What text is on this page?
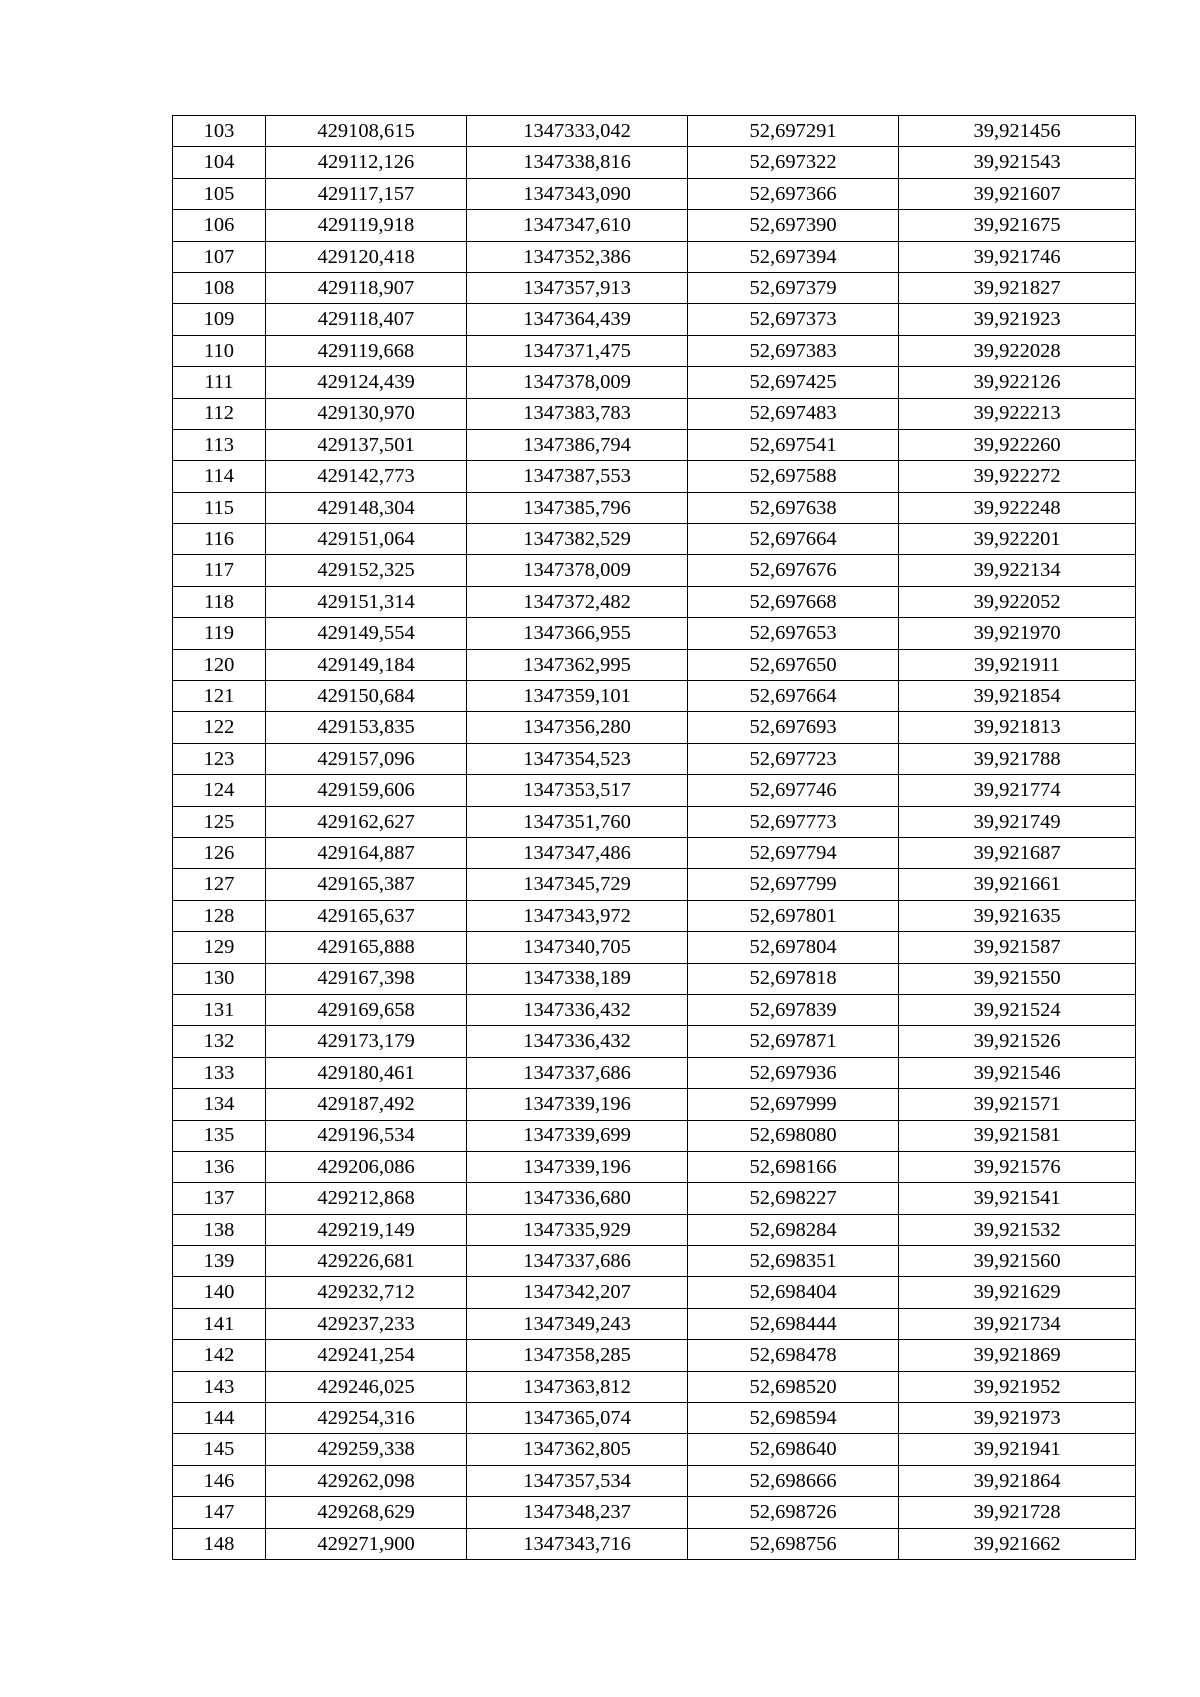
103	429108,615	1347333,042	52,697291	39,921456
104	429112,126	1347338,816	52,697322	39,921543
105	429117,157	1347343,090	52,697366	39,921607
106	429119,918	1347347,610	52,697390	39,921675
107	429120,418	1347352,386	52,697394	39,921746
108	429118,907	1347357,913	52,697379	39,921827
109	429118,407	1347364,439	52,697373	39,921923
110	429119,668	1347371,475	52,697383	39,922028
111	429124,439	1347378,009	52,697425	39,922126
112	429130,970	1347383,783	52,697483	39,922213
113	429137,501	1347386,794	52,697541	39,922260
114	429142,773	1347387,553	52,697588	39,922272
115	429148,304	1347385,796	52,697638	39,922248
116	429151,064	1347382,529	52,697664	39,922201
117	429152,325	1347378,009	52,697676	39,922134
118	429151,314	1347372,482	52,697668	39,922052
119	429149,554	1347366,955	52,697653	39,921970
120	429149,184	1347362,995	52,697650	39,921911
121	429150,684	1347359,101	52,697664	39,921854
122	429153,835	1347356,280	52,697693	39,921813
123	429157,096	1347354,523	52,697723	39,921788
124	429159,606	1347353,517	52,697746	39,921774
125	429162,627	1347351,760	52,697773	39,921749
126	429164,887	1347347,486	52,697794	39,921687
127	429165,387	1347345,729	52,697799	39,921661
128	429165,637	1347343,972	52,697801	39,921635
129	429165,888	1347340,705	52,697804	39,921587
130	429167,398	1347338,189	52,697818	39,921550
131	429169,658	1347336,432	52,697839	39,921524
132	429173,179	1347336,432	52,697871	39,921526
133	429180,461	1347337,686	52,697936	39,921546
134	429187,492	1347339,196	52,697999	39,921571
135	429196,534	1347339,699	52,698080	39,921581
136	429206,086	1347339,196	52,698166	39,921576
137	429212,868	1347336,680	52,698227	39,921541
138	429219,149	1347335,929	52,698284	39,921532
139	429226,681	1347337,686	52,698351	39,921560
140	429232,712	1347342,207	52,698404	39,921629
141	429237,233	1347349,243	52,698444	39,921734
142	429241,254	1347358,285	52,698478	39,921869
143	429246,025	1347363,812	52,698520	39,921952
144	429254,316	1347365,074	52,698594	39,921973
145	429259,338	1347362,805	52,698640	39,921941
146	429262,098	1347357,534	52,698666	39,921864
147	429268,629	1347348,237	52,698726	39,921728
148	429271,900	1347343,716	52,698756	39,921662
